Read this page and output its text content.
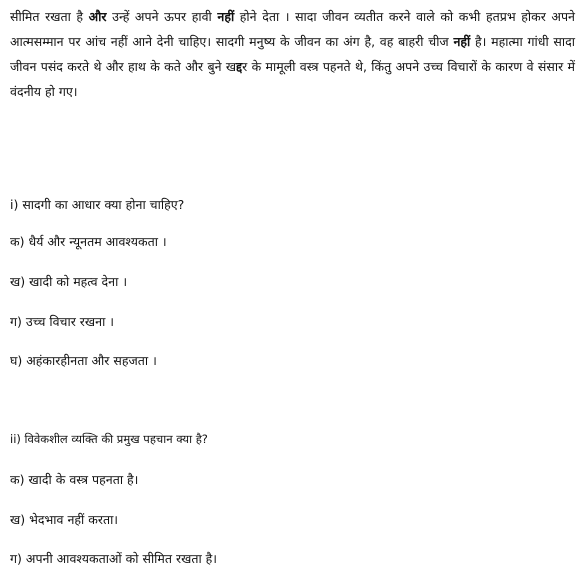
सीमित रखता है और उन्हें अपने ऊपर हावी नहीं होने देता । सादा जीवन व्यतीत करने वाले को कभी हतप्रभ होकर अपने आत्मसम्मान पर आंच नहीं आने देनी चाहिए। सादगी मनुष्य के जीवन का अंग है, वह बाहरी चीज नहीं है। महात्मा गांधी सादा जीवन पसंद करते थे और हाथ के कते और बुने खद्दर के मामूली वस्त्र पहनते थे, किंतु अपने उच्च विचारों के कारण वे संसार में वंदनीय हो गए।
i) सादगी का आधार क्या होना चाहिए?
क) धैर्य और न्यूनतम आवश्यकता ।
ख) खादी को महत्व देना ।
ग) उच्च विचार रखना ।
घ) अहंकारहीनता और सहजता ।
ii) विवेकशील व्यक्ति की प्रमुख पहचान क्या है?
क) खादी के वस्त्र पहनता है।
ख) भेदभाव नहीं करता।
ग) अपनी आवश्यकताओं को सीमित रखता है।
